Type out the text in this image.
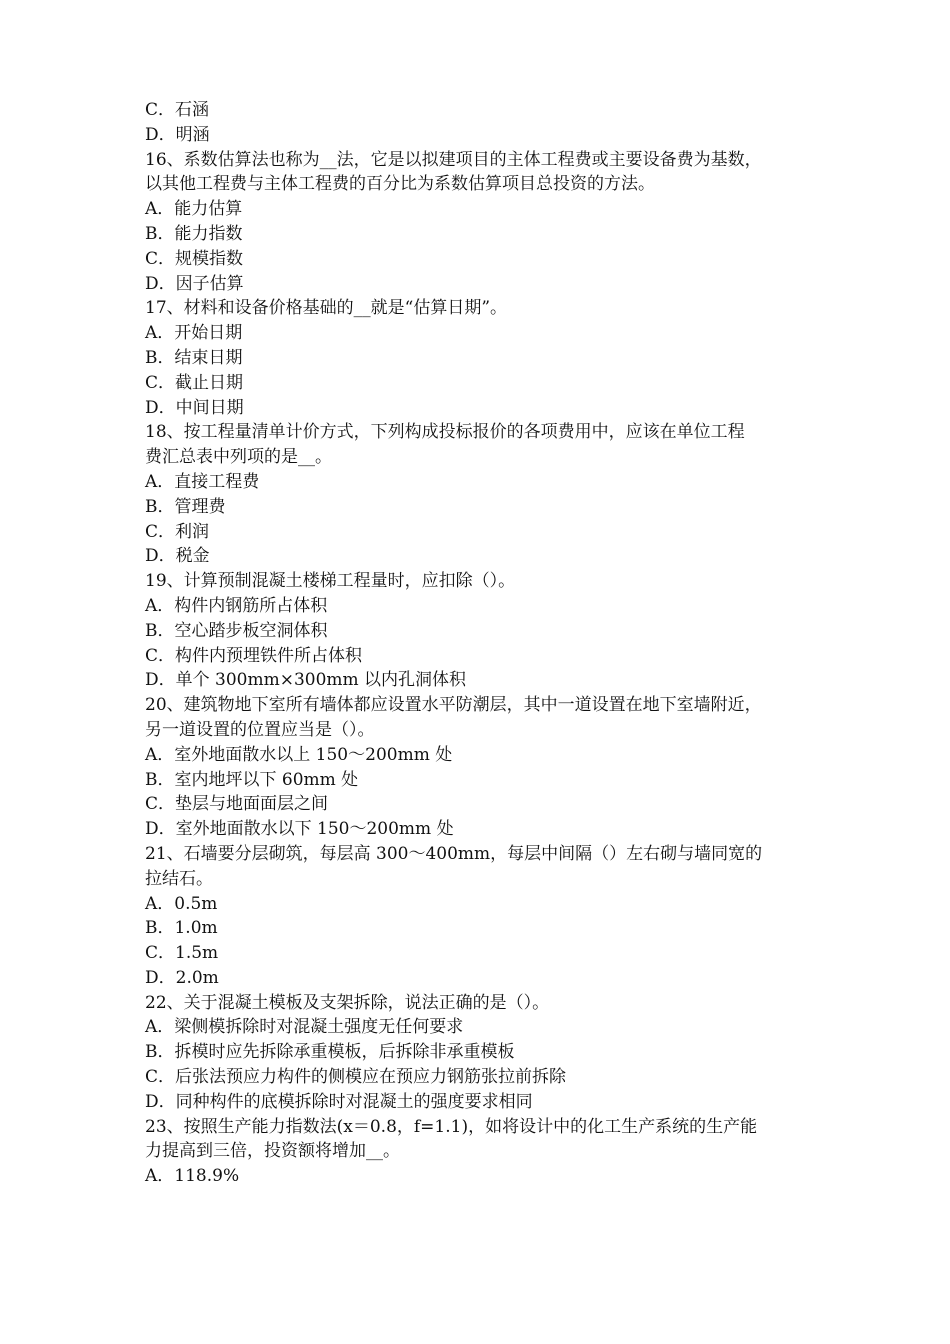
C．石涵
D．明涵
16、系数估算法也称为__法，它是以拟建项目的主体工程费或主要设备费为基数，
以其他工程费与主体工程费的百分比为系数估算项目总投资的方法。
A．能力估算
B．能力指数
C．规模指数
D．因子估算
17、材料和设备价格基础的__就是“估算日期”。
A．开始日期
B．结束日期
C．截止日期
D．中间日期
18、按工程量清单计价方式，下列构成投标报价的各项费用中，应该在单位工程
费汇总表中列项的是__。
A．直接工程费
B．管理费
C．利润
D．税金
19、计算预制混凝土楼梯工程量时，应扣除（）。
A．构件内钢筋所占体积
B．空心踏步板空洞体积
C．构件内预埋铁件所占体积
D．单个 300mm×300mm 以内孔洞体积
20、建筑物地下室所有墙体都应设置水平防潮层，其中一道设置在地下室墙附近，
另一道设置的位置应当是（）。
A．室外地面散水以上 150～200mm 处
B．室内地坪以下 60mm 处
C．垫层与地面面层之间
D．室外地面散水以下 150～200mm 处
21、石墙要分层砌筑，每层高 300～400mm，每层中间隔（）左右砌与墙同宽的
拉结石。
A．0.5m
B．1.0m
C．1.5m
D．2.0m
22、关于混凝土模板及支架拆除，说法正确的是（）。
A．梁侧模拆除时对混凝土强度无任何要求
B．拆模时应先拆除承重模板，后拆除非承重模板
C．后张法预应力构件的侧模应在预应力钢筋张拉前拆除
D．同种构件的底模拆除时对混凝土的强度要求相同
23、按照生产能力指数法(x＝0.8，f=1.1)，如将设计中的化工生产系统的生产能
力提高到三倍，投资额将增加__。
A．118.9%
